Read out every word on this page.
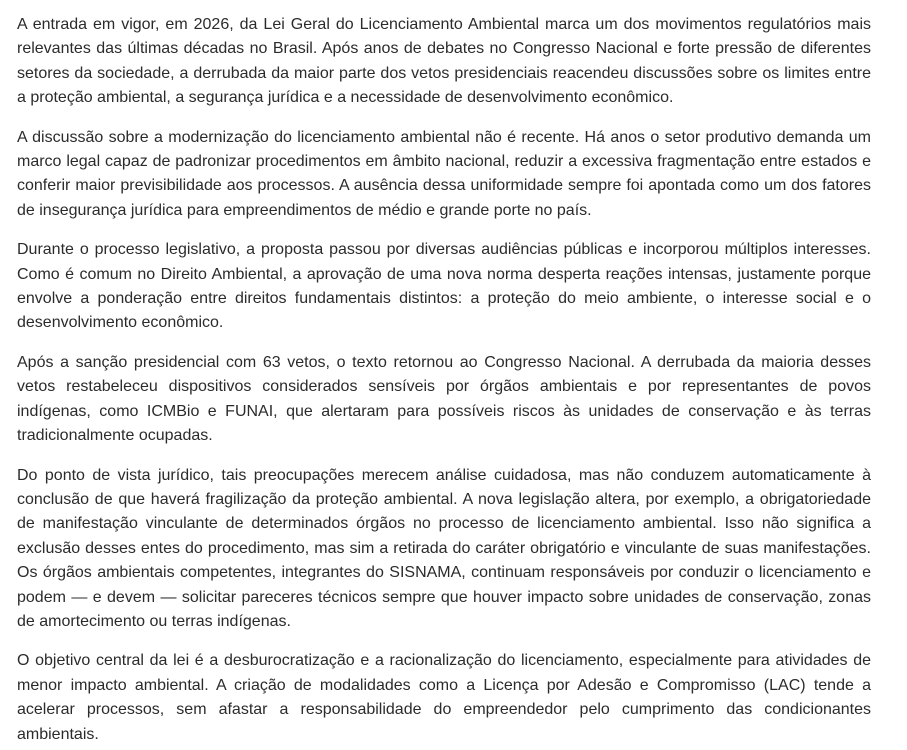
A entrada em vigor, em 2026, da Lei Geral do Licenciamento Ambiental marca um dos movimentos regulatórios mais relevantes das últimas décadas no Brasil. Após anos de debates no Congresso Nacional e forte pressão de diferentes setores da sociedade, a derrubada da maior parte dos vetos presidenciais reacendeu discussões sobre os limites entre a proteção ambiental, a segurança jurídica e a necessidade de desenvolvimento econômico.

A discussão sobre a modernização do licenciamento ambiental não é recente. Há anos o setor produtivo demanda um marco legal capaz de padronizar procedimentos em âmbito nacional, reduzir a excessiva fragmentação entre estados e conferir maior previsibilidade aos processos. A ausência dessa uniformidade sempre foi apontada como um dos fatores de insegurança jurídica para empreendimentos de médio e grande porte no país.

Durante o processo legislativo, a proposta passou por diversas audiências públicas e incorporou múltiplos interesses. Como é comum no Direito Ambiental, a aprovação de uma nova norma desperta reações intensas, justamente porque envolve a ponderação entre direitos fundamentais distintos: a proteção do meio ambiente, o interesse social e o desenvolvimento econômico.

Após a sanção presidencial com 63 vetos, o texto retornou ao Congresso Nacional. A derrubada da maioria desses vetos restabeleceu dispositivos considerados sensíveis por órgãos ambientais e por representantes de povos indígenas, como ICMBio e FUNAI, que alertaram para possíveis riscos às unidades de conservação e às terras tradicionalmente ocupadas.

Do ponto de vista jurídico, tais preocupações merecem análise cuidadosa, mas não conduzem automaticamente à conclusão de que haverá fragilização da proteção ambiental. A nova legislação altera, por exemplo, a obrigatoriedade de manifestação vinculante de determinados órgãos no processo de licenciamento ambiental. Isso não significa a exclusão desses entes do procedimento, mas sim a retirada do caráter obrigatório e vinculante de suas manifestações. Os órgãos ambientais competentes, integrantes do SISNAMA, continuam responsáveis por conduzir o licenciamento e podem — e devem — solicitar pareceres técnicos sempre que houver impacto sobre unidades de conservação, zonas de amortecimento ou terras indígenas.

O objetivo central da lei é a desburocratização e a racionalização do licenciamento, especialmente para atividades de menor impacto ambiental. A criação de modalidades como a Licença por Adesão e Compromisso (LAC) tende a acelerar processos, sem afastar a responsabilidade do empreendedor pelo cumprimento das condicionantes ambientais.
